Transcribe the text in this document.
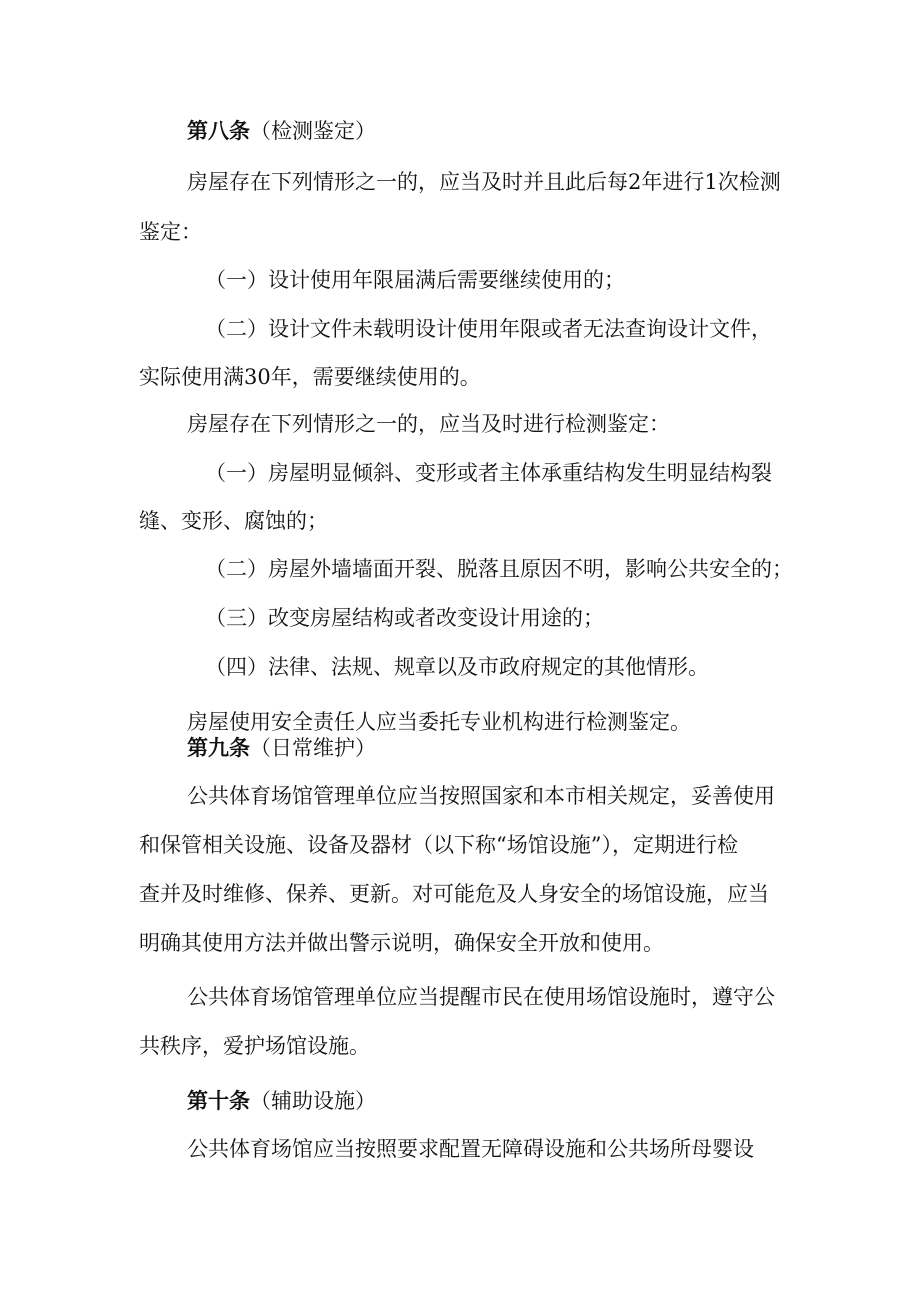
第八条（检测鉴定）
房屋存在下列情形之一的，应当及时并且此后每2年进行1次检测
鉴定：
（一）设计使用年限届满后需要继续使用的；
（二）设计文件未载明设计使用年限或者无法查询设计文件，
实际使用满30年，需要继续使用的。
房屋存在下列情形之一的，应当及时进行检测鉴定：
（一）房屋明显倾斜、变形或者主体承重结构发生明显结构裂
缝、变形、腐蚀的；
（二）房屋外墙墙面开裂、脱落且原因不明，影响公共安全的；
（三）改变房屋结构或者改变设计用途的；
（四）法律、法规、规章以及市政府规定的其他情形。
房屋使用安全责任人应当委托专业机构进行检测鉴定。
第九条（日常维护）
公共体育场馆管理单位应当按照国家和本市相关规定，妥善使用
和保管相关设施、设备及器材（以下称“场馆设施”），定期进行检
查并及时维修、保养、更新。对可能危及人身安全的场馆设施，应当
明确其使用方法并做出警示说明，确保安全开放和使用。
公共体育场馆管理单位应当提醒市民在使用场馆设施时，遵守公
共秩序，爱护场馆设施。
第十条（辅助设施）
公共体育场馆应当按照要求配置无障碍设施和公共场所母婴设
